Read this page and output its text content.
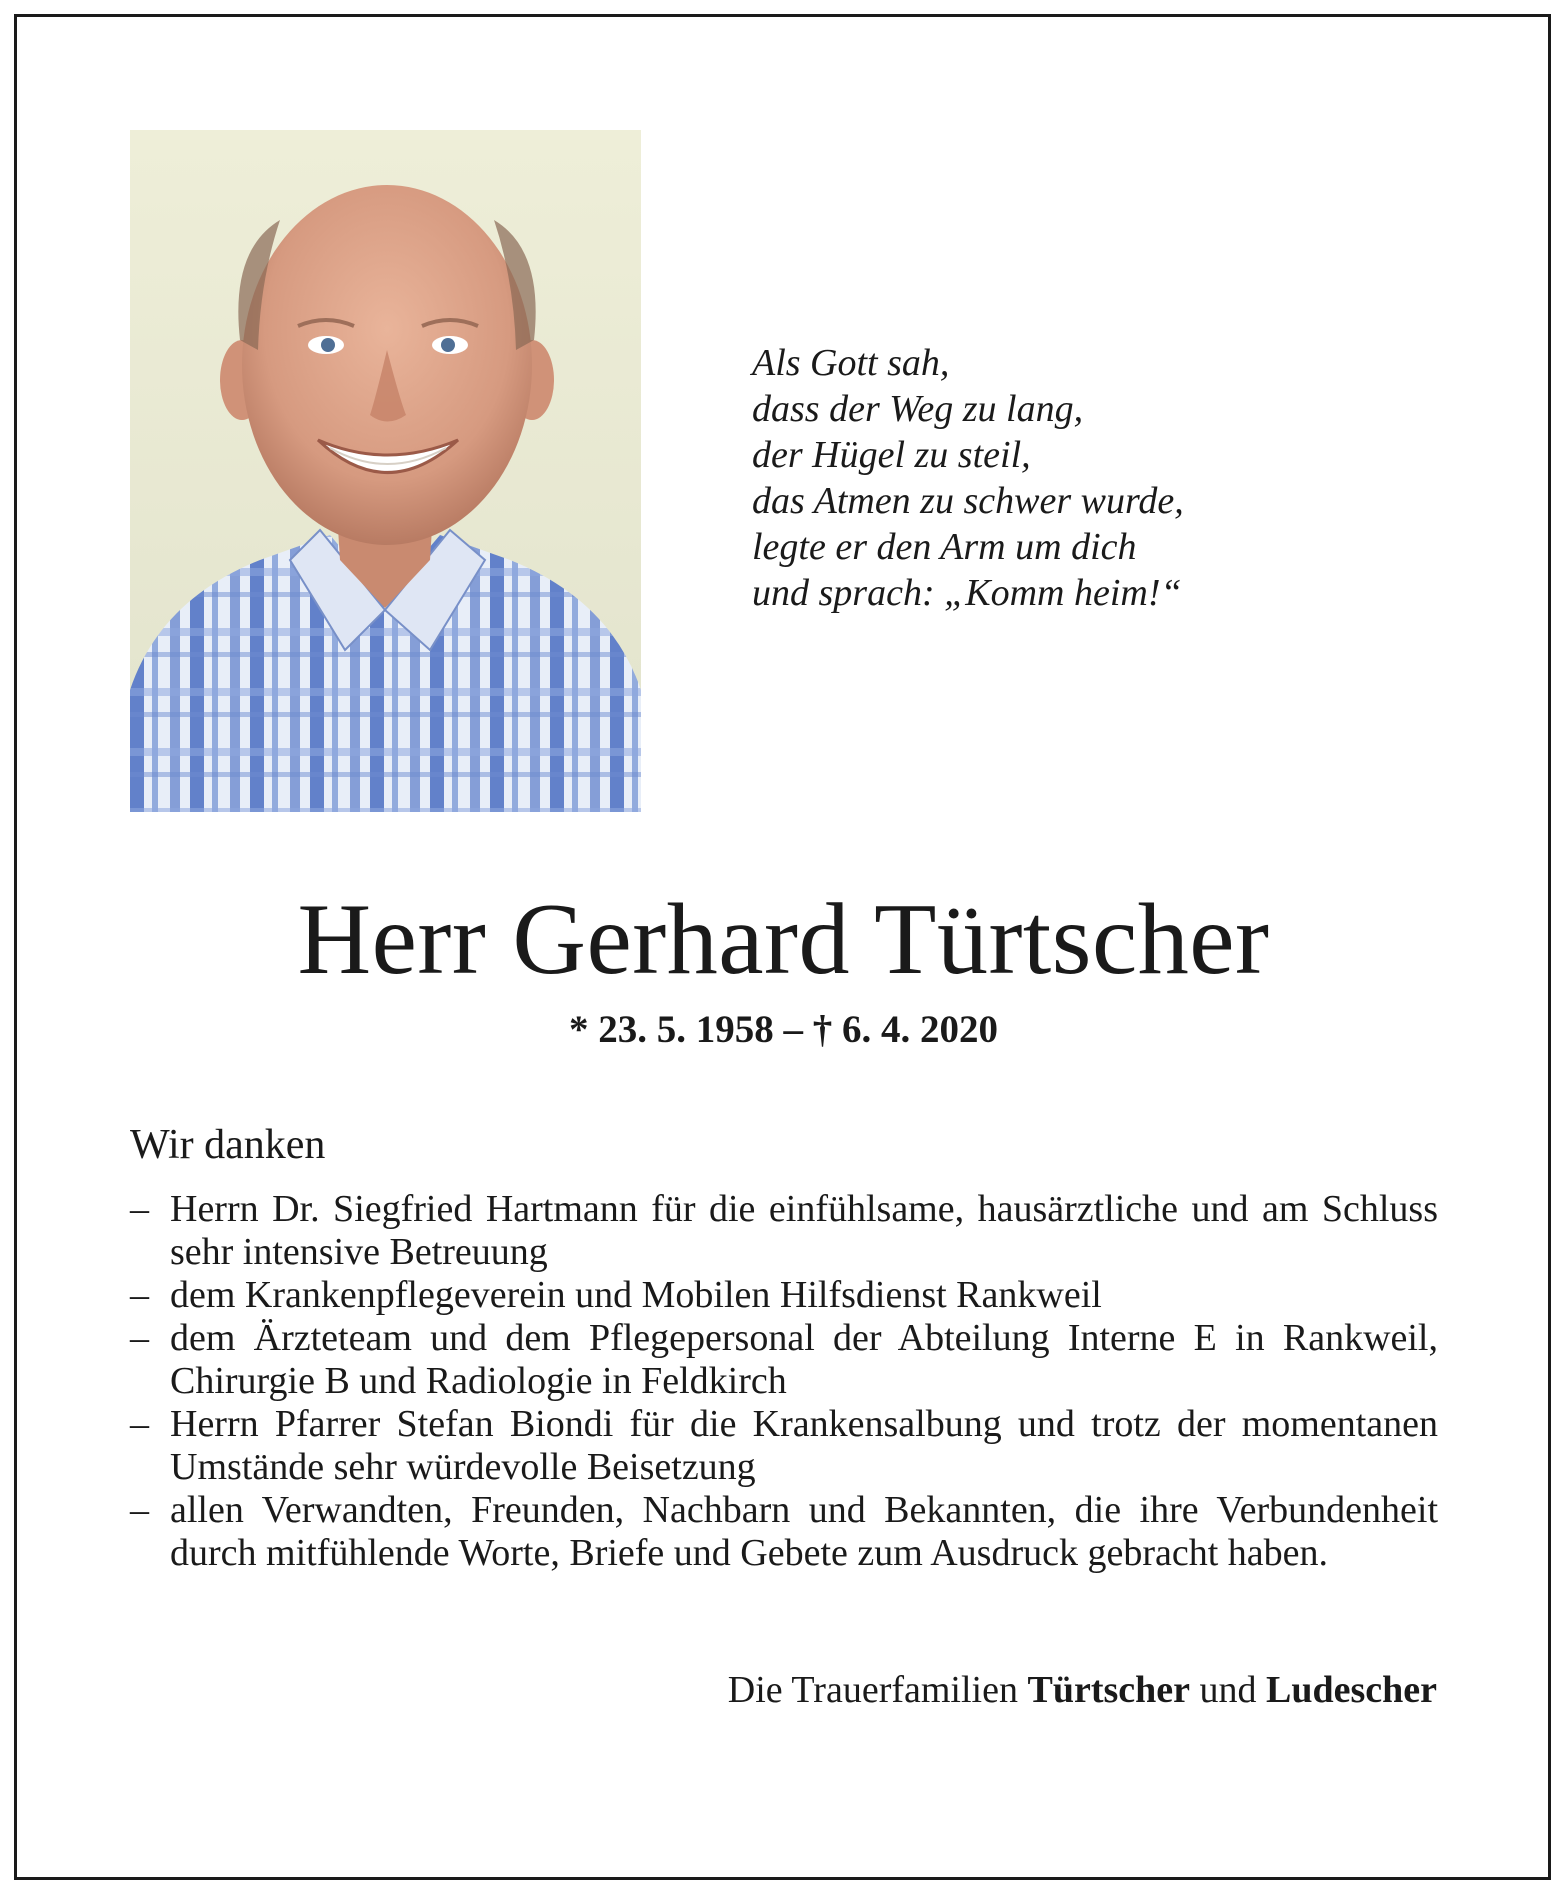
Als Gott sah,
dass der Weg zu lang,
der Hügel zu steil,
das Atmen zu schwer wurde,
legte er den Arm um dich
und sprach: „Komm heim!“
Herr Gerhard Türtscher
* 23. 5. 1958 – † 6. 4. 2020
Wir danken
– Herrn Dr. Siegfried Hartmann für die einfühlsame, hausärztliche und am Schluss sehr intensive Betreuung
– dem Krankenpflegeverein und Mobilen Hilfsdienst Rankweil
– dem Ärzteteam und dem Pflegepersonal der Abteilung Interne E in Rankweil, Chirurgie B und Radiologie in Feldkirch
– Herrn Pfarrer Stefan Biondi für die Krankensalbung und trotz der momentanen Umstände sehr würdevolle Beisetzung
– allen Verwandten, Freunden, Nachbarn und Bekannten, die ihre Verbundenheit durch mitfühlende Worte, Briefe und Gebete zum Ausdruck gebracht haben.
Die Trauerfamilien Türtscher und Ludescher
